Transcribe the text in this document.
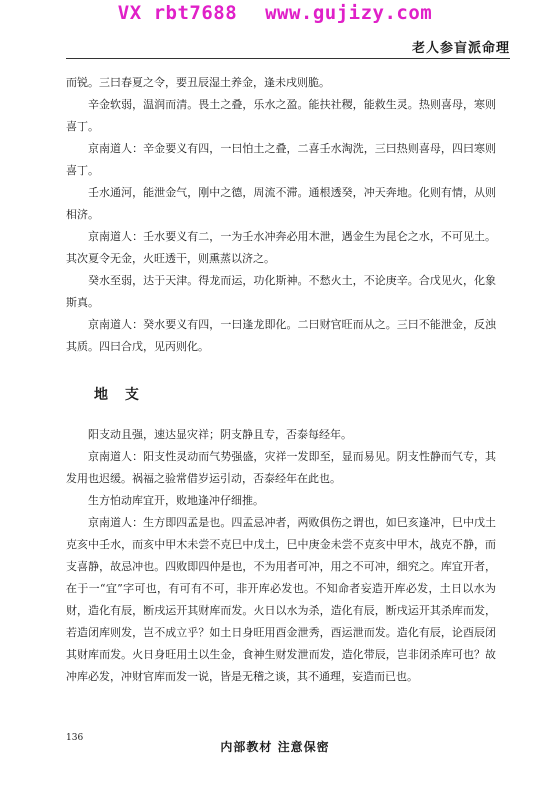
VX rbt7688 www.gujizy.com
老人参盲派命理

而锐。三曰春夏之令，要丑辰湿土养金，逢未戌则脆。

辛金软弱，温润而清。畏土之叠，乐水之盈。能扶社稷，能救生灵。热则喜母，寒则喜丁。

京南道人：辛金要义有四，一曰怕土之叠，二喜壬水淘洗，三曰热则喜母，四曰寒则喜丁。

壬水通河，能泄金气，刚中之德，周流不滞。通根透癸，冲天奔地。化则有情，从则相济。

京南道人：壬水要义有二，一为壬水冲奔必用木泄，遇金生为昆仑之水，不可见土。其次夏令无金，火旺透干，则熏蒸以济之。

癸水至弱，达于天津。得龙而运，功化斯神。不愁火土，不论庚辛。合戊见火，化象斯真。

京南道人：癸水要义有四，一曰逢龙即化。二曰财官旺而从之。三曰不能泄金，反浊其质。四曰合戊，见丙则化。

地 支

阳支动且强，速达显灾祥；阴支静且专，否泰每经年。

京南道人：阳支性灵动而气势强盛，灾祥一发即至，显而易见。阴支性静而气专，其发用也迟缓。祸福之验常借岁运引动，否泰经年在此也。

生方怕动库宜开，败地逢冲仔细推。

京南道人：生方即四孟是也。四孟忌冲者，两败俱伤之谓也，如巳亥逢冲，巳中戊土克亥中壬水，而亥中甲木未尝不克巳中戊土，巳中庚金未尝不克亥中甲木，战克不静，而支喜静，故忌冲也。四败即四仲是也，不为用者可冲，用之不可冲，细究之。库宜开者，在于一“宜”字可也，有可有不可，非开库必发也。不知命者妄造开库必发，土日以水为财，造化有辰，断戌运开其财库而发。火日以水为杀，造化有辰，断戌运开其杀库而发，若造闭库则发，岂不成立乎？如土日身旺用酉金泄秀，酉运泄而发。造化有辰，论酉辰闭其财库而发。火日身旺用土以生金，食神生财发泄而发，造化带辰，岂非闭杀库可也？故冲库必发，冲财官库而发一说，皆是无稽之谈，其不通理，妄造而已也。

136
内部教材 注意保密
